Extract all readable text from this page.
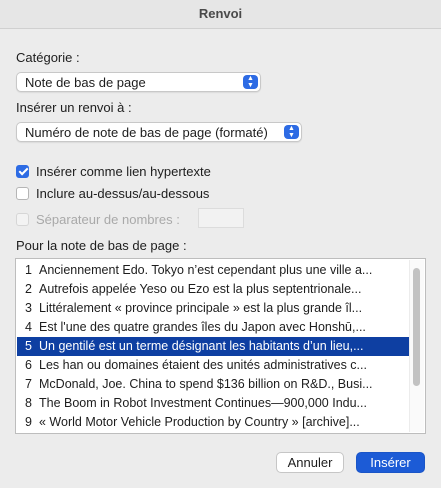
Renvoi
Catégorie :
Note de bas de page	▲
▼
Insérer un renvoi à :
Numéro de note de bas de page (formaté)	▲
▼
Insérer comme lien hypertexte
Inclure au-dessus/au-dessous
Séparateur de nombres :
Pour la note de bas de page :
1 Anciennement Edo. Tokyo n’est cependant plus une ville a...
2 Autrefois appelée Yeso ou Ezo est la plus septentrionale...
3 Littéralement « province principale » est la plus grande îl...
4 Est l'une des quatre grandes îles du Japon avec Honshū,...
5 Un gentilé est un terme désignant les habitants d’un lieu,...
6 Les han ou domaines étaient des unités administratives c...
7 McDonald, Joe. China to spend $136 billion on R&D., Busi...
8 The Boom in Robot Investment Continues—900,000 Indu...
9 « World Motor Vehicle Production by Country » [archive]...
Annuler	Insérer
